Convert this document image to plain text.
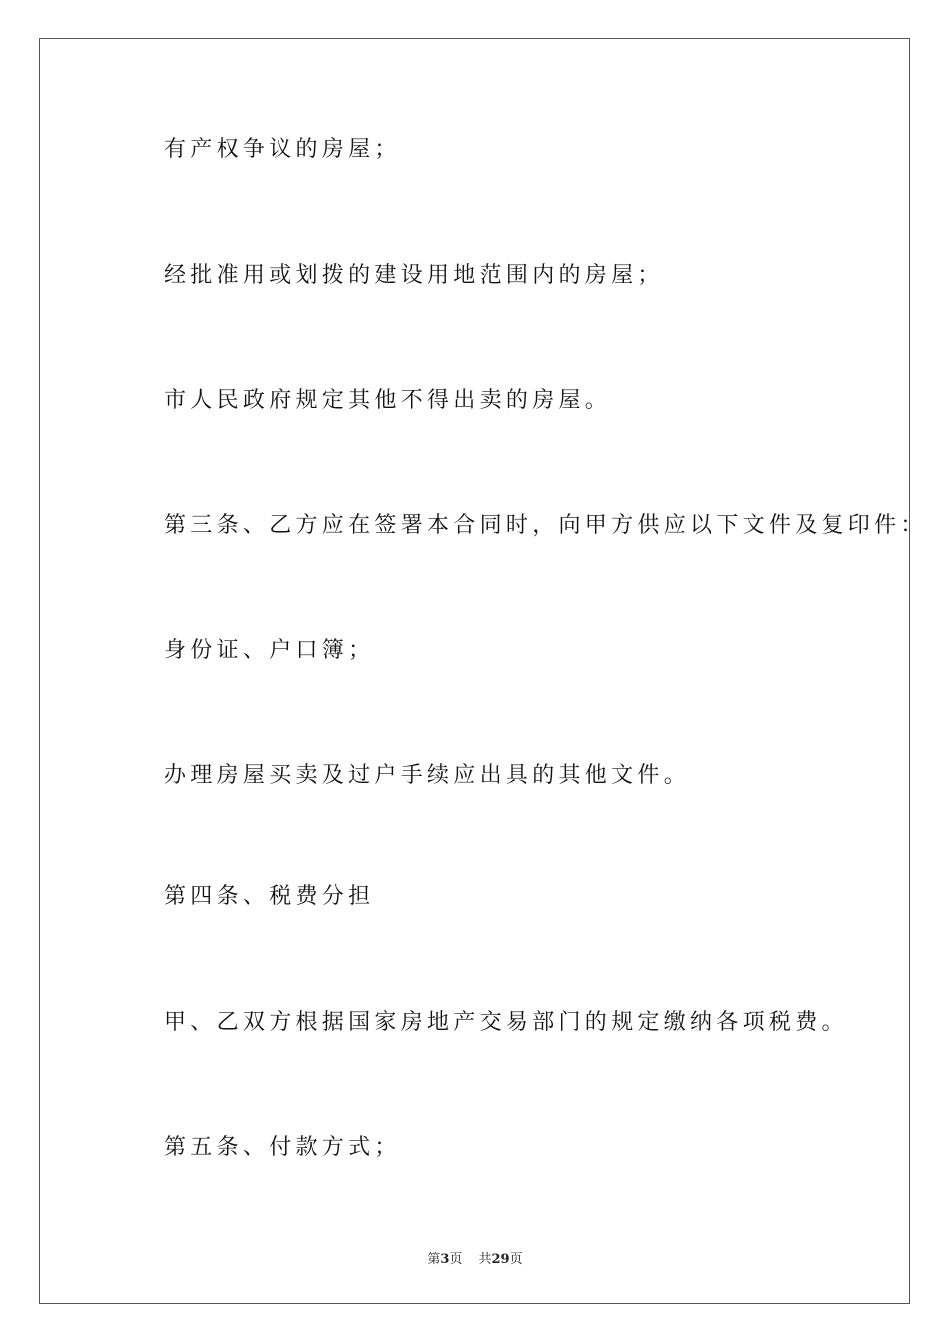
有产权争议的房屋；

经批准用或划拨的建设用地范围内的房屋；

市人民政府规定其他不得出卖的房屋。

第三条、乙方应在签署本合同时，向甲方供应以下文件及复印件：

身份证、户口簿；

办理房屋买卖及过户手续应出具的其他文件。

第四条、税费分担

甲、乙双方根据国家房地产交易部门的规定缴纳各项税费。

第五条、付款方式；

第3页 共29页
